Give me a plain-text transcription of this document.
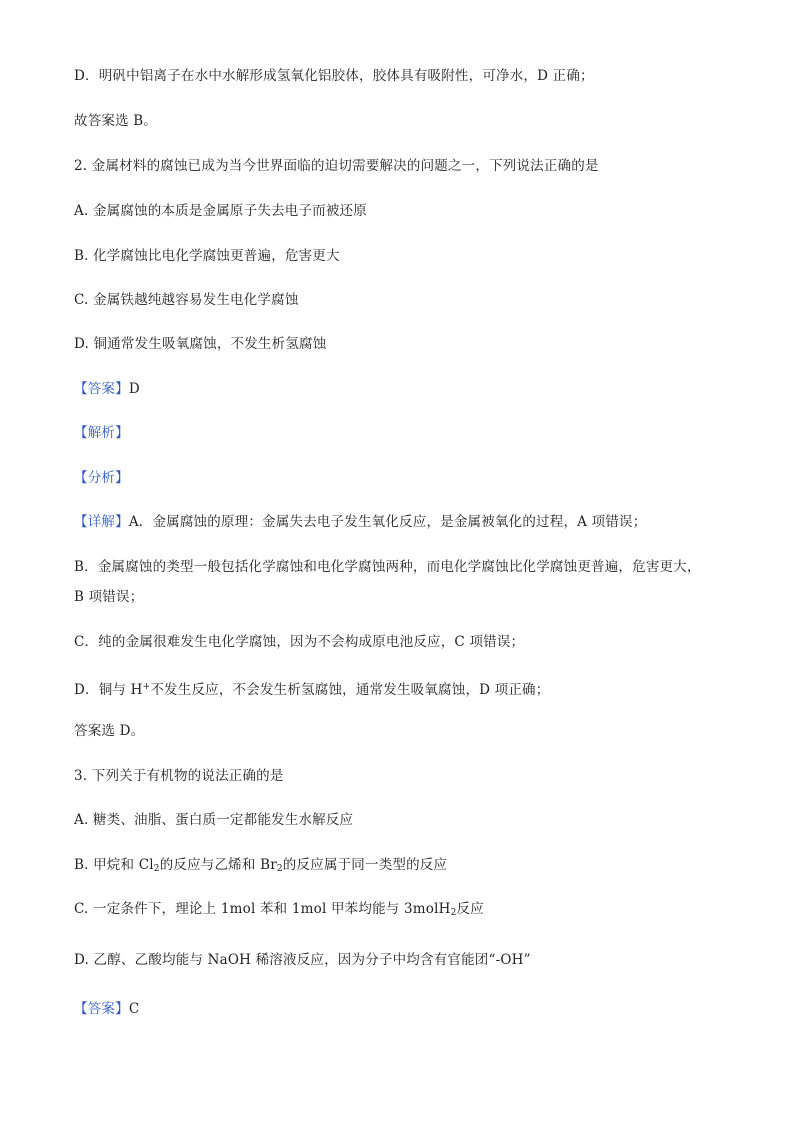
D．明矾中铝离子在水中水解形成氢氧化铝胶体，胶体具有吸附性，可净水，D 正确；
故答案选 B。
2. 金属材料的腐蚀已成为当今世界面临的迫切需要解决的问题之一，下列说法正确的是
A. 金属腐蚀的本质是金属原子失去电子而被还原
B. 化学腐蚀比电化学腐蚀更普遍，危害更大
C. 金属铁越纯越容易发生电化学腐蚀
D. 铜通常发生吸氧腐蚀，不发生析氢腐蚀
【答案】D
【解析】
【分析】
【详解】A．金属腐蚀的原理：金属失去电子发生氧化反应，是金属被氧化的过程，A 项错误；
B．金属腐蚀的类型一般包括化学腐蚀和电化学腐蚀两种，而电化学腐蚀比化学腐蚀更普遍，危害更大，
B 项错误；
C．纯的金属很难发生电化学腐蚀，因为不会构成原电池反应，C 项错误；
D．铜与 H+不发生反应，不会发生析氢腐蚀，通常发生吸氧腐蚀，D 项正确；
答案选 D。
3. 下列关于有机物的说法正确的是
A. 糖类、油脂、蛋白质一定都能发生水解反应
B. 甲烷和 $Cl_2$的反应与乙烯和 $Br_2$的反应属于同一类型的反应
C. 一定条件下，理论上 1mol 苯和 1mol 甲苯均能与 3molH$_2$反应
D. 乙醇、乙酸均能与 NaOH 稀溶液反应，因为分子中均含有官能团“-OH”
【答案】C
